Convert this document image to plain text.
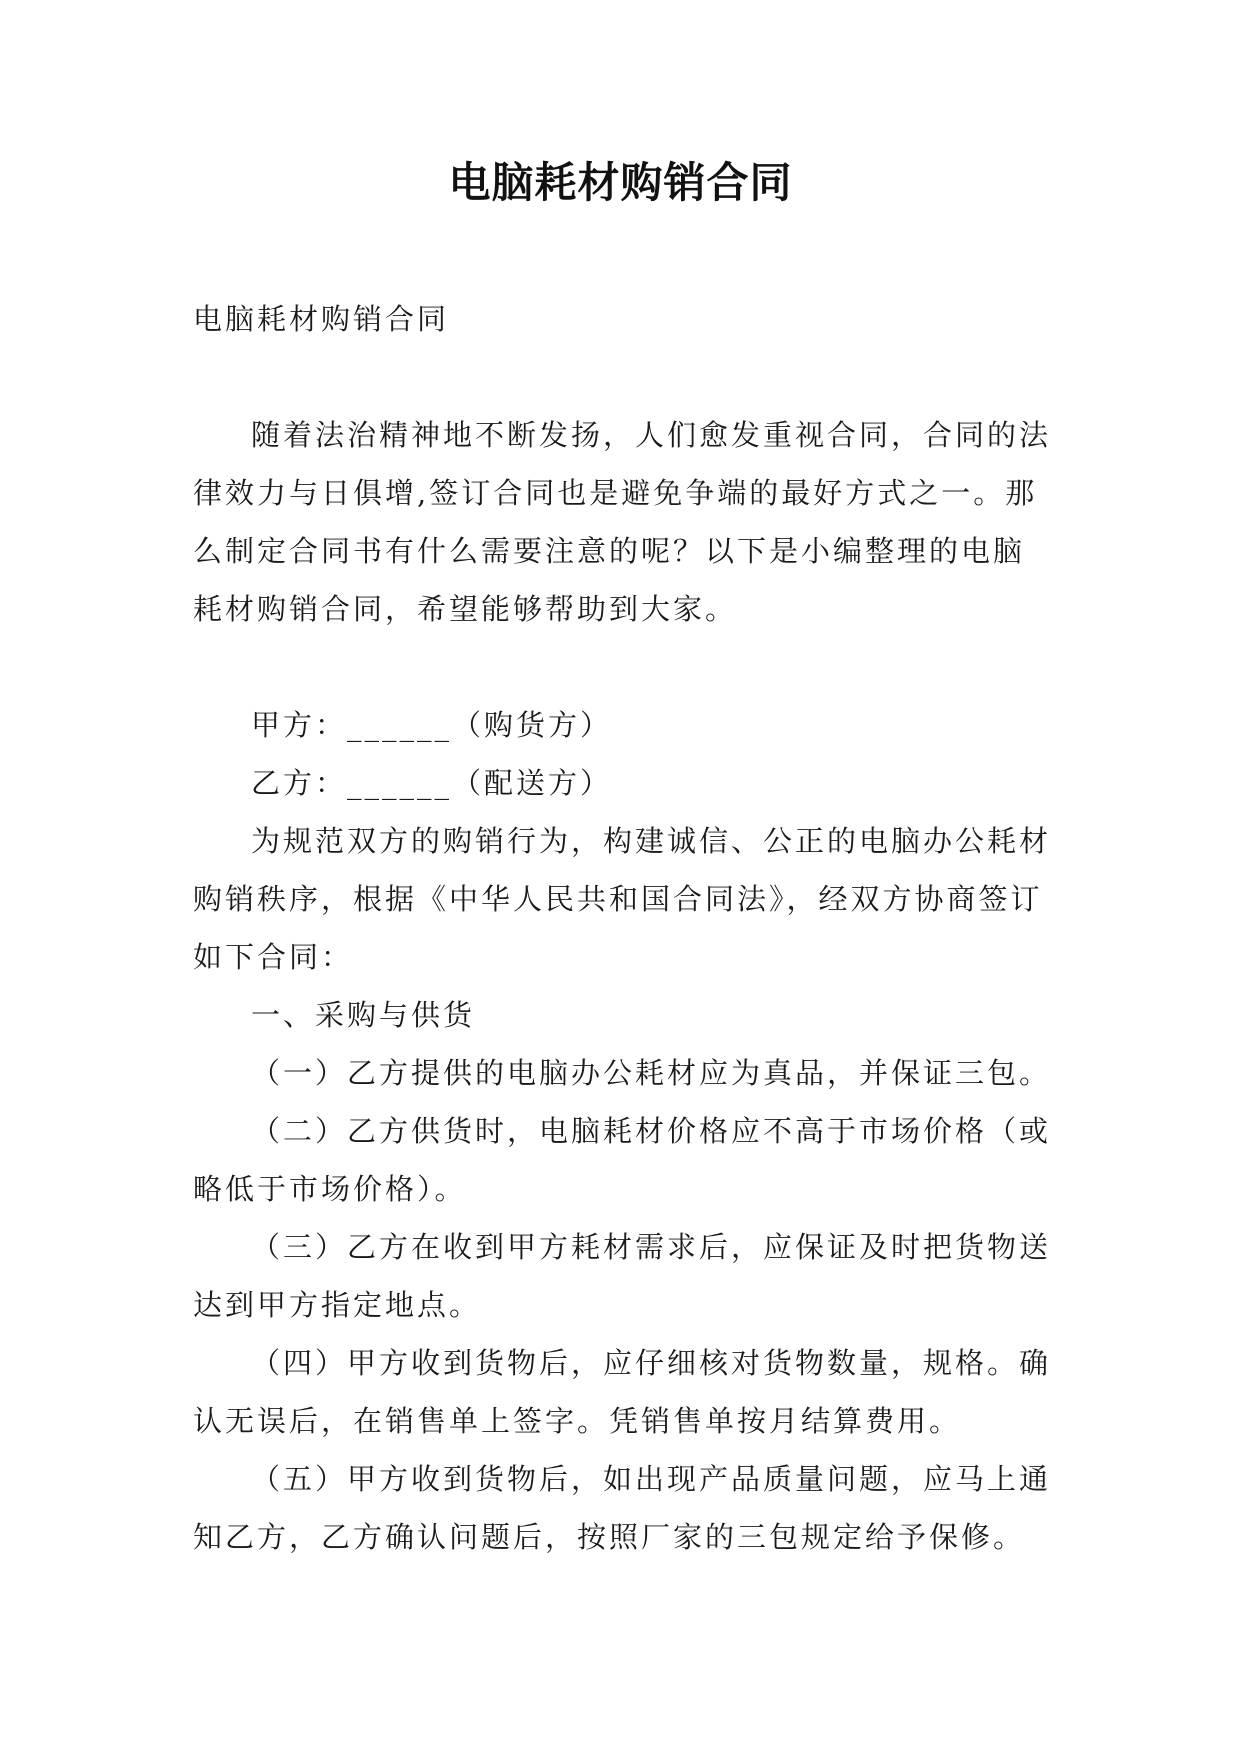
电脑耗材购销合同

电脑耗材购销合同

随着法治精神地不断发扬，人们愈发重视合同，合同的法律效力与日俱增,签订合同也是避免争端的最好方式之一。那么制定合同书有什么需要注意的呢？以下是小编整理的电脑耗材购销合同，希望能够帮助到大家。

甲方：______（购货方）

乙方：______（配送方）

为规范双方的购销行为，构建诚信、公正的电脑办公耗材购销秩序，根据《中华人民共和国合同法》，经双方协商签订如下合同：

一、采购与供货

（一）乙方提供的电脑办公耗材应为真品，并保证三包。

（二）乙方供货时，电脑耗材价格应不高于市场价格（或略低于市场价格）。

（三）乙方在收到甲方耗材需求后，应保证及时把货物送达到甲方指定地点。

（四）甲方收到货物后，应仔细核对货物数量，规格。确认无误后，在销售单上签字。凭销售单按月结算费用。

（五）甲方收到货物后，如出现产品质量问题，应马上通知乙方，乙方确认问题后，按照厂家的三包规定给予保修。
